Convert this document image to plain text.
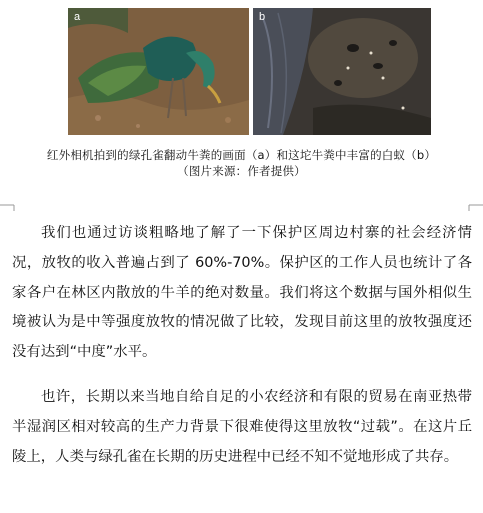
a	b
红外相机拍到的绿孔雀翻动牛粪的画面（a）和这坨牛粪中丰富的白蚁（b）
（图片来源：作者提供）

我们也通过访谈粗略地了解了一下保护区周边村寨的社会经济情况，放牧的收入普遍占到了 60%-70%。保护区的工作人员也统计了各家各户在林区内散放的牛羊的绝对数量。我们将这个数据与国外相似生境被认为是中等强度放牧的情况做了比较，发现目前这里的放牧强度还没有达到“中度”水平。

也许，长期以来当地自给自足的小农经济和有限的贸易在南亚热带半湿润区相对较高的生产力背景下很难使得这里放牧“过载”。在这片丘陵上，人类与绿孔雀在长期的历史进程中已经不知不觉地形成了共存。
